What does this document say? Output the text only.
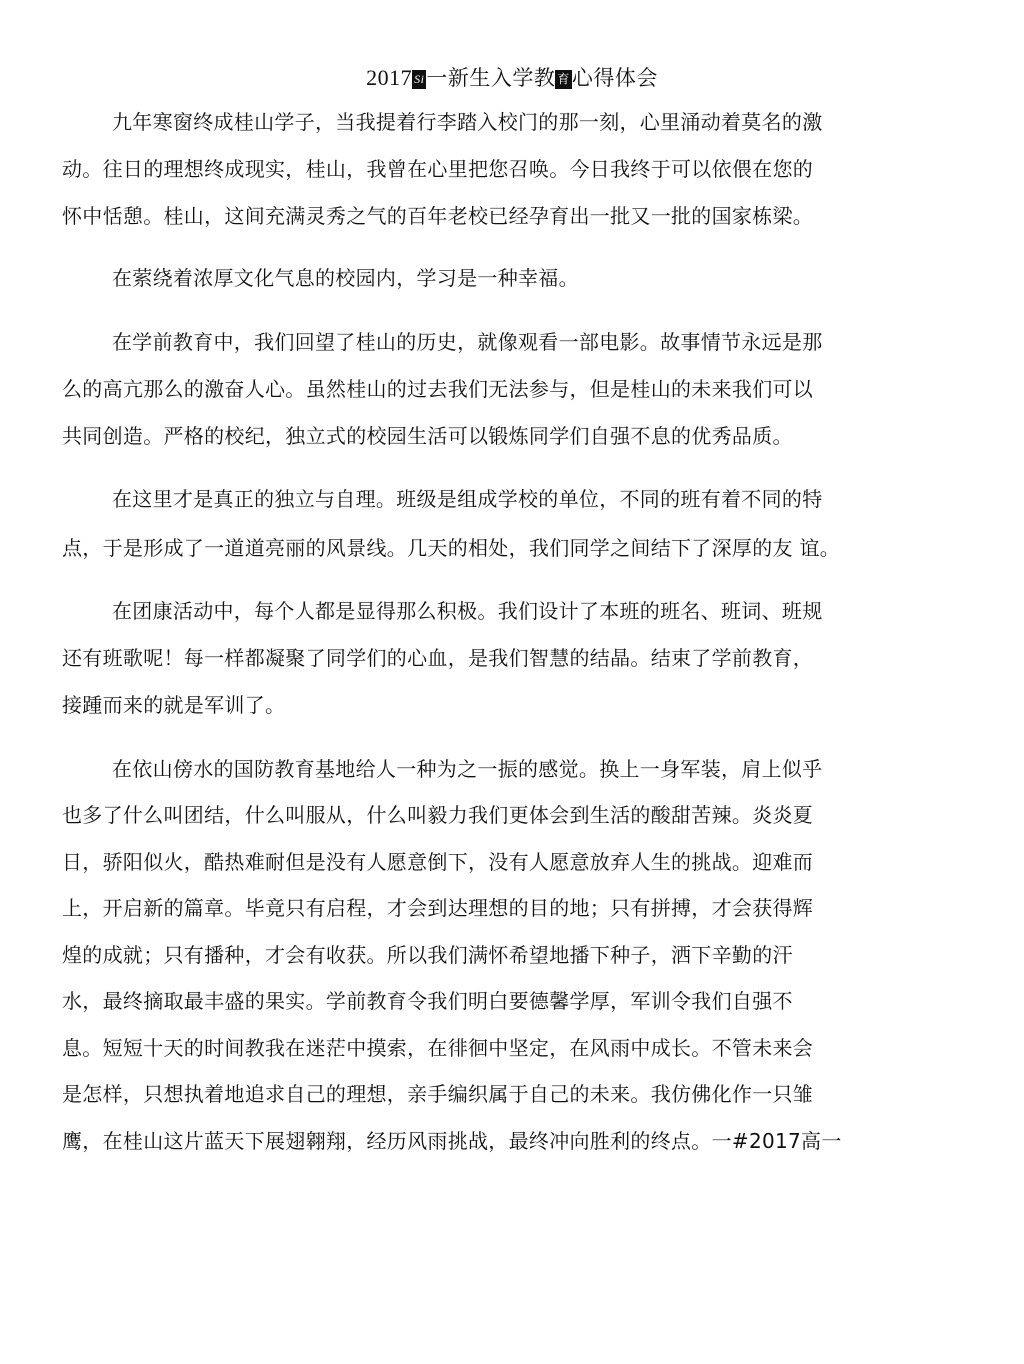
2017 Si一新生入学教 育心得体会
九年寒窗终成桂山学子，当我提着行李踏入校门的那一刻，心里涌动着莫名的激
动。往日的理想终成现实，桂山，我曾在心里把您召唤。今日我终于可以依偎在您的
怀中恬憩。桂山，这间充满灵秀之气的百年老校已经孕育出一批又一批的国家栋梁。
在萦绕着浓厚文化气息的校园内，学习是一种幸福。
在学前教育中，我们回望了桂山的历史，就像观看一部电影。故事情节永远是那
么的高亢那么的激奋人心。虽然桂山的过去我们无法参与，但是桂山的未来我们可以
共同创造。严格的校纪，独立式的校园生活可以锻炼同学们自强不息的优秀品质。
在这里才是真正的独立与自理。班级是组成学校的单位，不同的班有着不同的特
点，于是形成了一道道亮丽的风景线。几天的相处，我们同学之间结下了深厚的友 谊。
在团康活动中，每个人都是显得那么积极。我们设计了本班的班名、班词、班规
还有班歌呢！每一样都凝聚了同学们的心血，是我们智慧的结晶。结束了学前教育，
接踵而来的就是军训了。
在依山傍水的国防教育基地给人一种为之一振的感觉。换上一身军装，肩上似乎
也多了什么叫团结，什么叫服从，什么叫毅力我们更体会到生活的酸甜苦辣。炎炎夏
日，骄阳似火，酷热难耐但是没有人愿意倒下，没有人愿意放弃人生的挑战。迎难而
上，开启新的篇章。毕竟只有启程，才会到达理想的目的地；只有拼搏，才会获得辉
煌的成就；只有播种，才会有收获。所以我们满怀希望地播下种子，洒下辛勤的汗
水，最终摘取最丰盛的果实。学前教育令我们明白要德馨学厚，军训令我们自强不
息。短短十天的时间教我在迷茫中摸索，在徘徊中坚定，在风雨中成长。不管未来会
是怎样，只想执着地追求自己的理想，亲手编织属于自己的未来。我仿佛化作一只雏
鹰，在桂山这片蓝天下展翅翱翔，经历风雨挑战，最终冲向胜利的终点。一#2017高一
